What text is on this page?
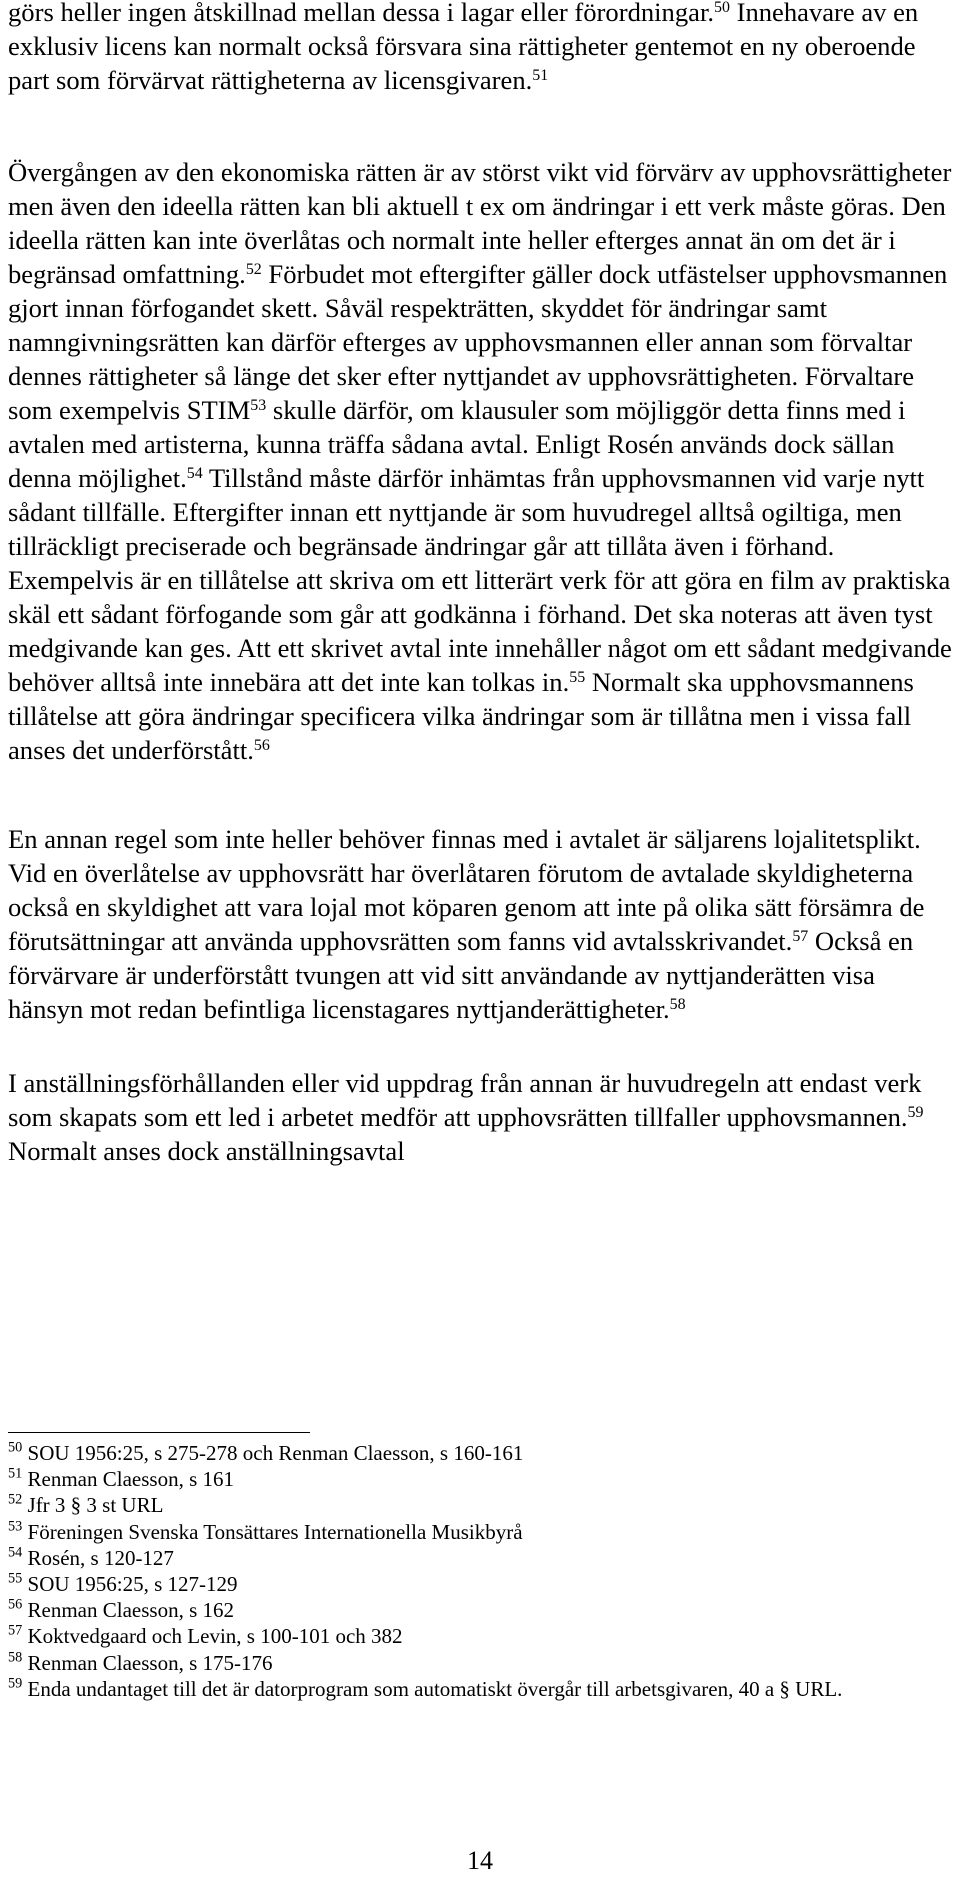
görs heller ingen åtskillnad mellan dessa i lagar eller förordningar.$^{50}$ Innehavare av en exklusiv licens kan normalt också försvara sina rättigheter gentemot en ny oberoende part som förvärvat rättigheterna av licensgivaren.$^{51}$

Övergången av den ekonomiska rätten är av störst vikt vid förvärv av upphovsrättigheter men även den ideella rätten kan bli aktuell t ex om ändringar i ett verk måste göras. Den ideella rätten kan inte överlåtas och normalt inte heller efterges annat än om det är i begränsad omfattning.$^{52}$ Förbudet mot eftergifter gäller dock utfästelser upphovsmannen gjort innan förfogandet skett. Såväl respekträtten, skyddet för ändringar samt namngivningsrätten kan därför efterges av upphovsmannen eller annan som förvaltar dennes rättigheter så länge det sker efter nyttjandet av upphovsrättigheten. Förvaltare som exempelvis STIM$^{53}$ skulle därför, om klausuler som möjliggör detta finns med i avtalen med artisterna, kunna träffa sådana avtal. Enligt Rosén används dock sällan denna möjlighet.$^{54}$ Tillstånd måste därför inhämtas från upphovsmannen vid varje nytt sådant tillfälle. Eftergifter innan ett nyttjande är som huvudregel alltså ogiltiga, men tillräckligt preciserade och begränsade ändringar går att tillåta även i förhand. Exempelvis är en tillåtelse att skriva om ett litterärt verk för att göra en film av praktiska skäl ett sådant förfogande som går att godkänna i förhand. Det ska noteras att även tyst medgivande kan ges. Att ett skrivet avtal inte innehåller något om ett sådant medgivande behöver alltså inte innebära att det inte kan tolkas in.$^{55}$ Normalt ska upphovsmannens tillåtelse att göra ändringar specificera vilka ändringar som är tillåtna men i vissa fall anses det underförstått.$^{56}$

En annan regel som inte heller behöver finnas med i avtalet är säljarens lojalitetsplikt. Vid en överlåtelse av upphovsrätt har överlåtaren förutom de avtalade skyldigheterna också en skyldighet att vara lojal mot köparen genom att inte på olika sätt försämra de förutsättningar att använda upphovsrätten som fanns vid avtalsskrivandet.$^{57}$ Också en förvärvare är underförstått tvungen att vid sitt användande av nyttjanderätten visa hänsyn mot redan befintliga licenstagares nyttjanderättigheter.$^{58}$

I anställningsförhållanden eller vid uppdrag från annan är huvudregeln att endast verk som skapats som ett led i arbetet medför att upphovsrätten tillfaller upphovsmannen.$^{59}$ Normalt anses dock anställningsavtal

$^{50}$ SOU 1956:25, s 275-278 och Renman Claesson, s 160-161
$^{51}$ Renman Claesson, s 161
$^{52}$ Jfr 3 § 3 st URL
$^{53}$ Föreningen Svenska Tonsättares Internationella Musikbyrå
$^{54}$ Rosén, s 120-127
$^{55}$ SOU 1956:25, s 127-129
$^{56}$ Renman Claesson, s 162
$^{57}$ Koktvedgaard och Levin, s 100-101 och 382
$^{58}$ Renman Claesson, s 175-176
$^{59}$ Enda undantaget till det är datorprogram som automatiskt övergår till arbetsgivaren, 40 a § URL.
14
